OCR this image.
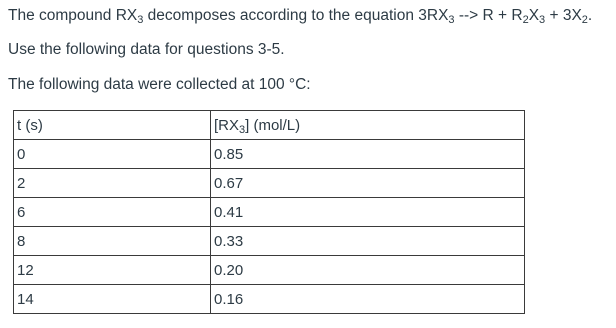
The compound $RX_3$ decomposes according to the equation $3RX_3$ --> $R + R_2X_3 + 3X_2$.
Use the following data for questions 3-5.
The following data were collected at 100 °C:
t (s)	$[RX_3]$ (mol/L)
0	0.85
2	0.67
6	0.41
8	0.33
12	0.20
14	0.16
